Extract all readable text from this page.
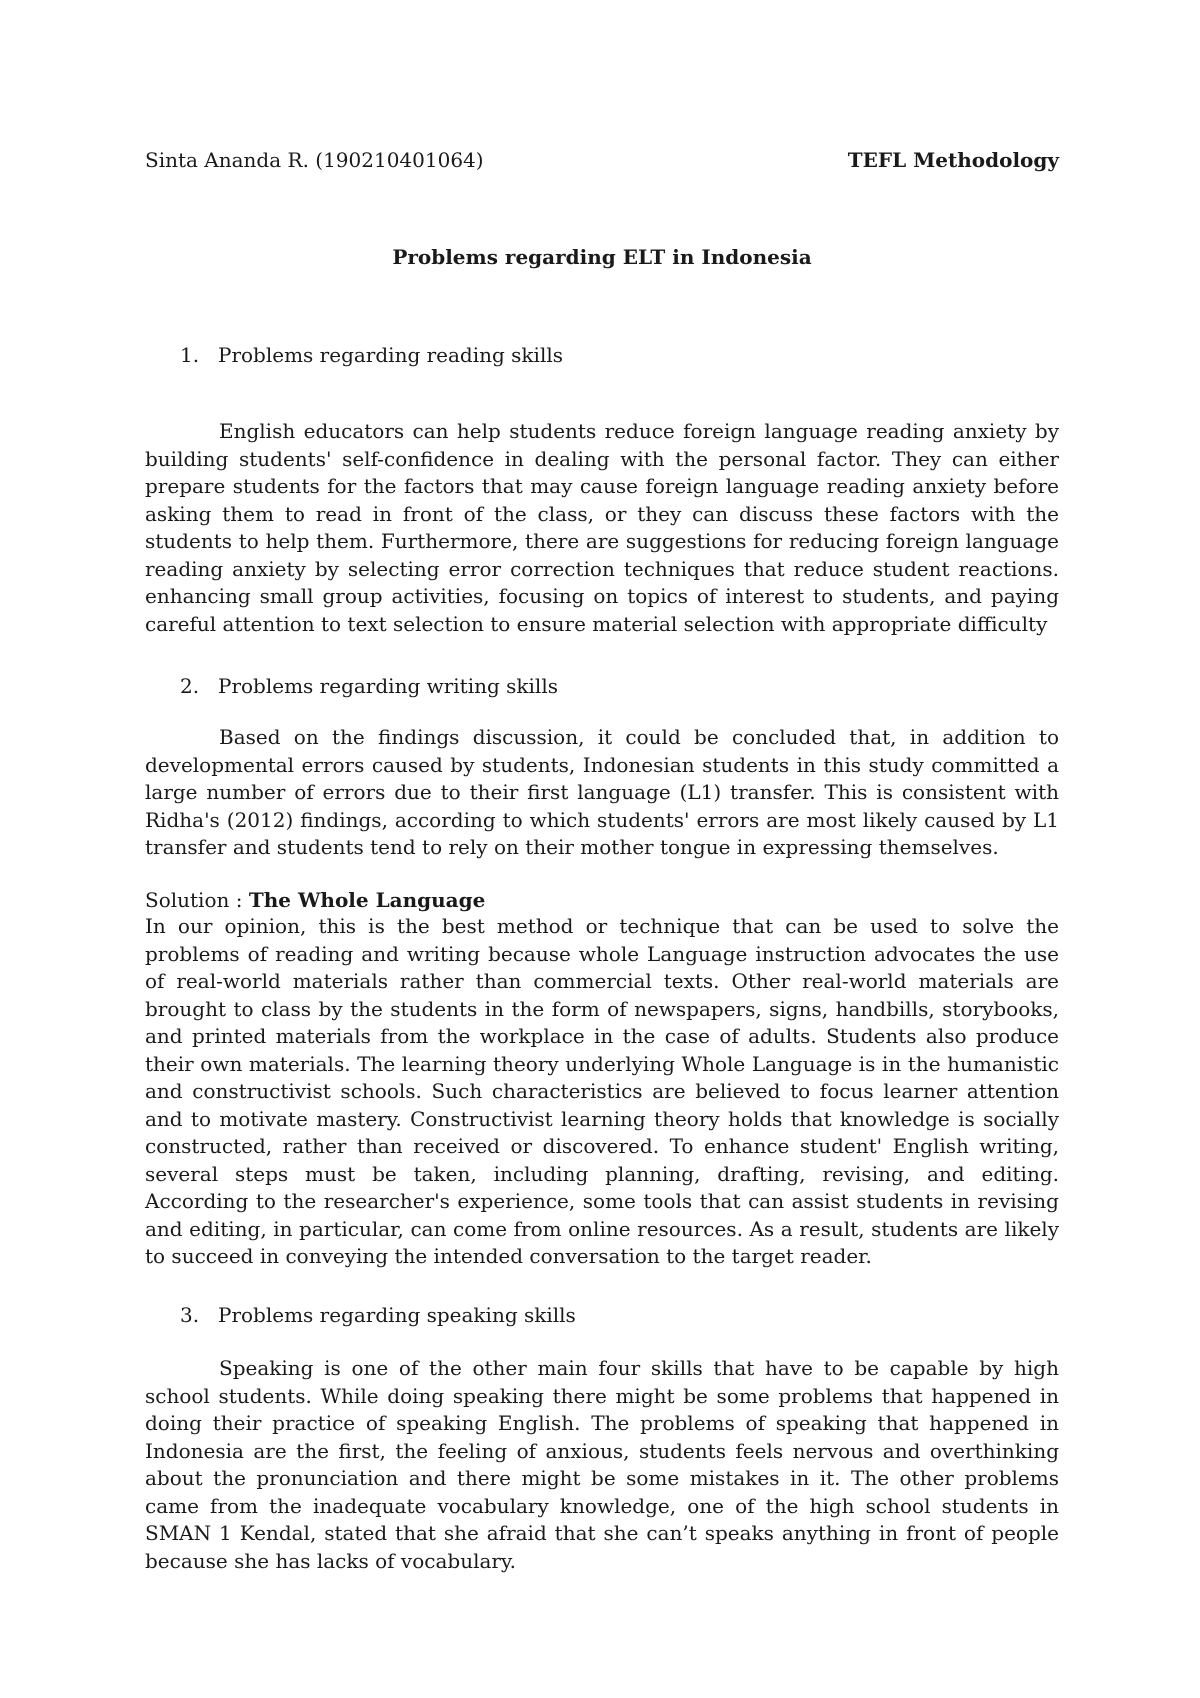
Sinta Ananda R. (190210401064)	TEFL Methodology
Problems regarding ELT in Indonesia
1. Problems regarding reading skills

English educators can help students reduce foreign language reading anxiety by building students' self-confidence in dealing with the personal factor. They can either prepare students for the factors that may cause foreign language reading anxiety before asking them to read in front of the class, or they can discuss these factors with the students to help them. Furthermore, there are suggestions for reducing foreign language reading anxiety by selecting error correction techniques that reduce student reactions. enhancing small group activities, focusing on topics of interest to students, and paying careful attention to text selection to ensure material selection with appropriate difficulty

2. Problems regarding writing skills

Based on the findings discussion, it could be concluded that, in addition to developmental errors caused by students, Indonesian students in this study committed a large number of errors due to their first language (L1) transfer. This is consistent with Ridha's (2012) findings, according to which students' errors are most likely caused by L1 transfer and students tend to rely on their mother tongue in expressing themselves.

Solution : The Whole Language

In our opinion, this is the best method or technique that can be used to solve the problems of reading and writing because whole Language instruction advocates the use of real-world materials rather than commercial texts. Other real-world materials are brought to class by the students in the form of newspapers, signs, handbills, storybooks, and printed materials from the workplace in the case of adults. Students also produce their own materials. The learning theory underlying Whole Language is in the humanistic and constructivist schools. Such characteristics are believed to focus learner attention and to motivate mastery. Constructivist learning theory holds that knowledge is socially constructed, rather than received or discovered. To enhance student' English writing, several steps must be taken, including planning, drafting, revising, and editing. According to the researcher's experience, some tools that can assist students in revising and editing, in particular, can come from online resources. As a result, students are likely to succeed in conveying the intended conversation to the target reader.

3. Problems regarding speaking skills

Speaking is one of the other main four skills that have to be capable by high school students. While doing speaking there might be some problems that happened in doing their practice of speaking English. The problems of speaking that happened in Indonesia are the first, the feeling of anxious, students feels nervous and overthinking about the pronunciation and there might be some mistakes in it. The other problems came from the inadequate vocabulary knowledge, one of the high school students in SMAN 1 Kendal, stated that she afraid that she can’t speaks anything in front of people because she has lacks of vocabulary.
